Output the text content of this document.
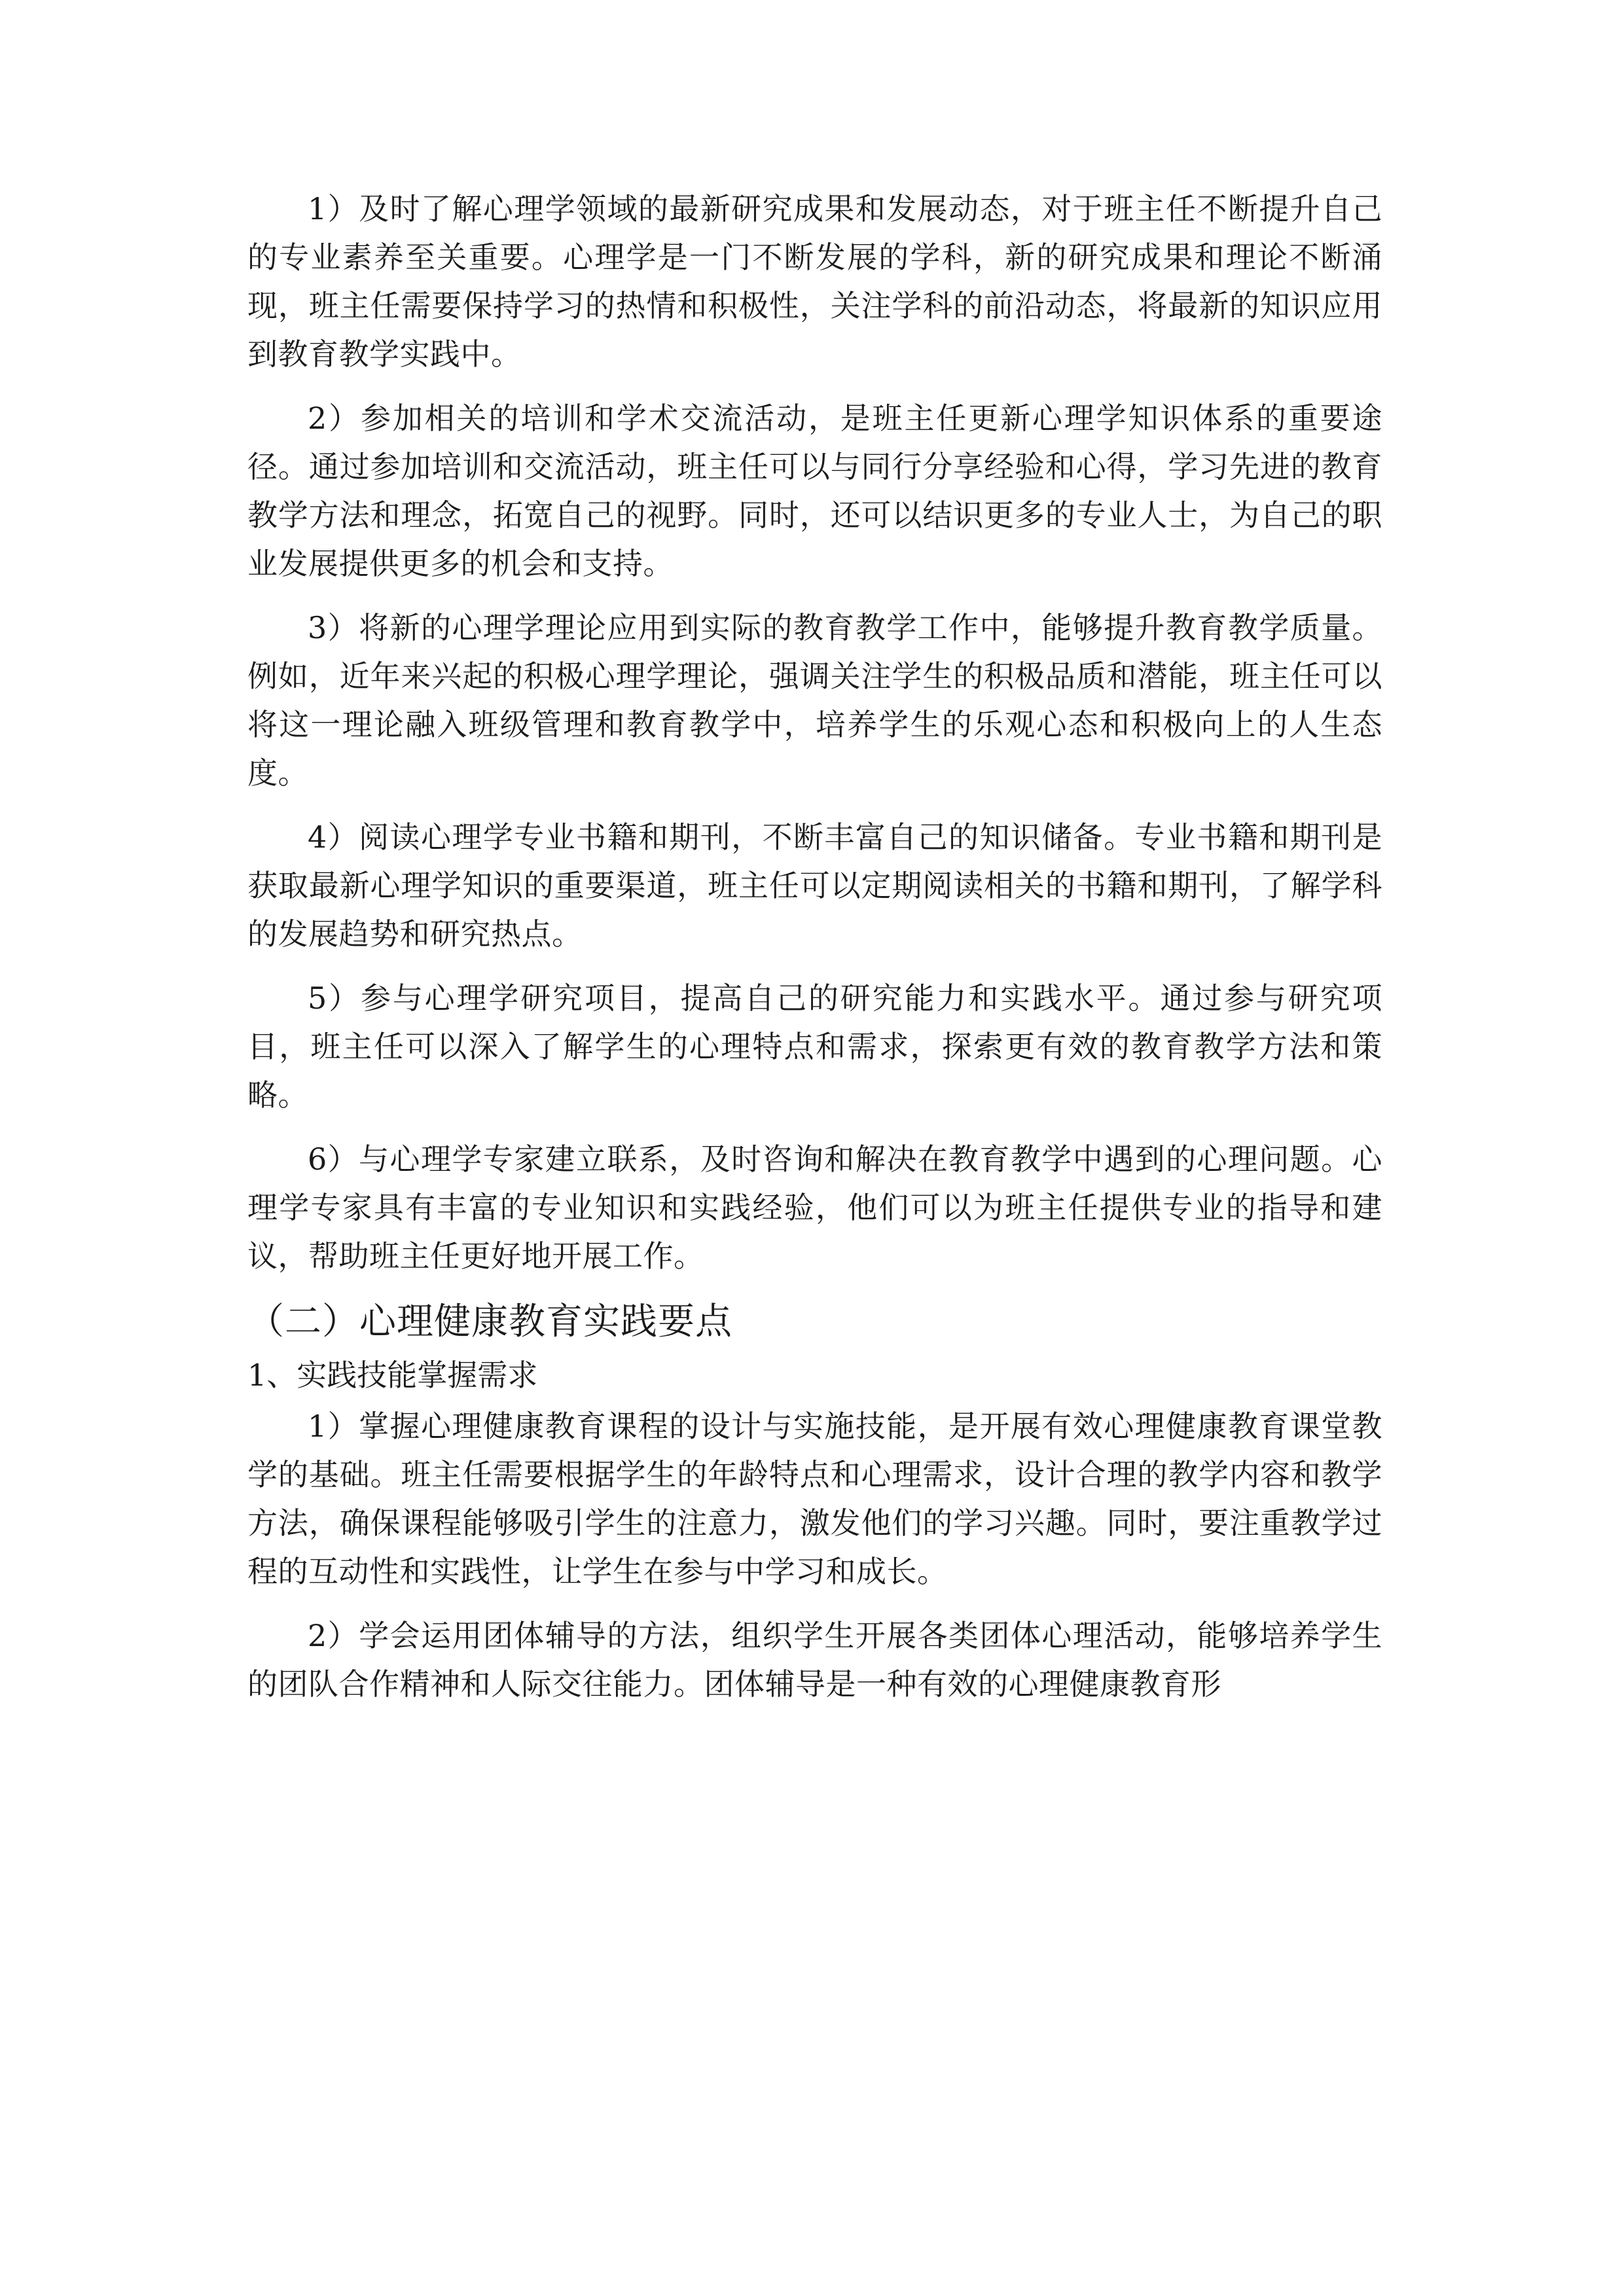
1）及时了解心理学领域的最新研究成果和发展动态，对于班主任不断提升自己的专业素养至关重要。心理学是一门不断发展的学科，新的研究成果和理论不断涌现，班主任需要保持学习的热情和积极性，关注学科的前沿动态，将最新的知识应用到教育教学实践中。

2）参加相关的培训和学术交流活动，是班主任更新心理学知识体系的重要途径。通过参加培训和交流活动，班主任可以与同行分享经验和心得，学习先进的教育教学方法和理念，拓宽自己的视野。同时，还可以结识更多的专业人士，为自己的职业发展提供更多的机会和支持。

3）将新的心理学理论应用到实际的教育教学工作中，能够提升教育教学质量。例如，近年来兴起的积极心理学理论，强调关注学生的积极品质和潜能，班主任可以将这一理论融入班级管理和教育教学中，培养学生的乐观心态和积极向上的人生态度。

4）阅读心理学专业书籍和期刊，不断丰富自己的知识储备。专业书籍和期刊是获取最新心理学知识的重要渠道，班主任可以定期阅读相关的书籍和期刊，了解学科的发展趋势和研究热点。

5）参与心理学研究项目，提高自己的研究能力和实践水平。通过参与研究项目，班主任可以深入了解学生的心理特点和需求，探索更有效的教育教学方法和策略。

6）与心理学专家建立联系，及时咨询和解决在教育教学中遇到的心理问题。心理学专家具有丰富的专业知识和实践经验，他们可以为班主任提供专业的指导和建议，帮助班主任更好地开展工作。

（二）心理健康教育实践要点
1、实践技能掌握需求

1）掌握心理健康教育课程的设计与实施技能，是开展有效心理健康教育课堂教学的基础。班主任需要根据学生的年龄特点和心理需求，设计合理的教学内容和教学方法，确保课程能够吸引学生的注意力，激发他们的学习兴趣。同时，要注重教学过程的互动性和实践性，让学生在参与中学习和成长。

2）学会运用团体辅导的方法，组织学生开展各类团体心理活动，能够培养学生的团队合作精神和人际交往能力。团体辅导是一种有效的心理健康教育形
